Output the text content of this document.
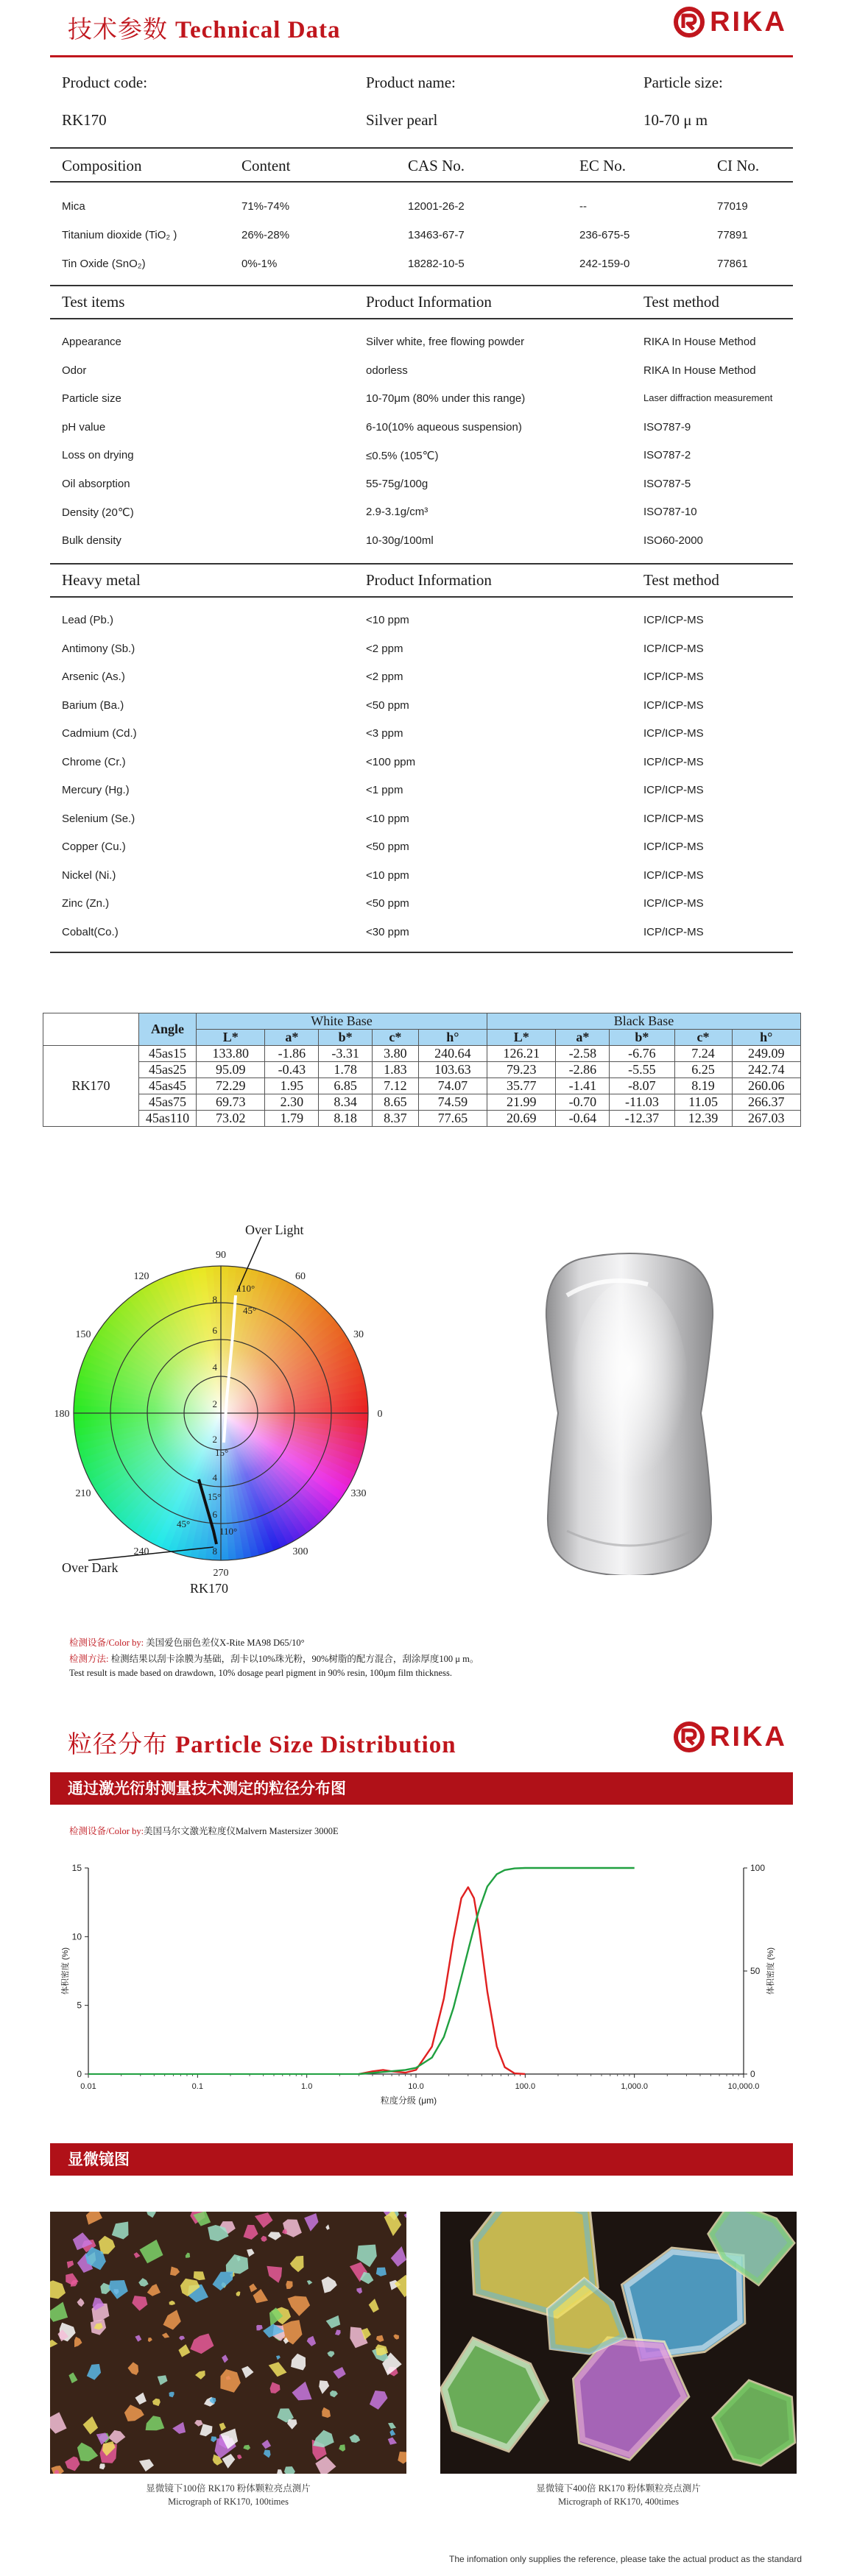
技术参数 Technical Data	RIKA
Product code:	Product name:	Particle size:
RK170	Silver pearl	10-70 μ m
Composition	Content	CAS No.	EC No.	CI No.
Mica	71%-74%	12001-26-2	--	77019
Titanium dioxide (TiO₂ )	26%-28%	13463-67-7	236-675-5	77891
Tin Oxide (SnO₂)	0%-1%	18282-10-5	242-159-0	77861
Test items	Product Information	Test method
Appearance	Silver white, free flowing powder	RIKA In House Method
Odor	odorless	RIKA In House Method
Particle size	10-70μm (80% under this range)	Laser diffraction measurement
pH value	6-10(10% aqueous suspension)	ISO787-9
Loss on drying	≤0.5% (105℃)	ISO787-2
Oil absorption	55-75g/100g	ISO787-5
Density (20℃)	2.9-3.1g/cm³	ISO787-10
Bulk density	10-30g/100ml	ISO60-2000
Heavy metal	Product Information	Test method
Lead (Pb.)	<10 ppm	ICP/ICP-MS
Antimony (Sb.)	<2 ppm	ICP/ICP-MS
Arsenic (As.)	<2 ppm	ICP/ICP-MS
Barium (Ba.)	<50 ppm	ICP/ICP-MS
Cadmium (Cd.)	<3 ppm	ICP/ICP-MS
Chrome (Cr.)	<100 ppm	ICP/ICP-MS
Mercury (Hg.)	<1 ppm	ICP/ICP-MS
Selenium (Se.)	<10 ppm	ICP/ICP-MS
Copper (Cu.)	<50 ppm	ICP/ICP-MS
Nickel (Ni.)	<10 ppm	ICP/ICP-MS
Zinc (Zn.)	<50 ppm	ICP/ICP-MS
Cobalt(Co.)	<30 ppm	ICP/ICP-MS
	Angle	White Base					Black Base				
		L*	a*	b*	c*	h°	L*	a*	b*	c*	h°
RK170	45as15	133.80	-1.86	-3.31	3.80	240.64	126.21	-2.58	-6.76	7.24	249.09
	45as25	95.09	-0.43	1.78	1.83	103.63	79.23	-2.86	-5.55	6.25	242.74
	45as45	72.29	1.95	6.85	7.12	74.07	35.77	-1.41	-8.07	8.19	260.06
	45as75	69.73	2.30	8.34	8.65	74.59	21.99	-0.70	-11.03	11.05	266.37
	45as110	73.02	1.79	8.18	8.37	77.65	20.69	-0.64	-12.37	12.39	267.03
90
60
30
0
330
300
270
240
210
180
150
120
8
6
4
2
2
4
6
8
110°
45°
15°
15°
45°
110°
Over Light
Over Dark
RK170
检测设备/Color by: 美国爱色丽色差仪X-Rite MA98 D65/10°
检测方法: 检测结果以刮卡涂膜为基础，刮卡以10%珠光粉，90%树脂的配方混合，刮涂厚度100 μ m。
Test result is made based on drawdown, 10% dosage pearl pigment in 90% resin, 100μm film thickness.
粒径分布 Particle Size Distribution	RIKA
通过激光衍射测量技术测定的粒径分布图
检测设备/Color by:美国马尔文激光粒度仪Malvern Mastersizer 3000E
0.01	0.1	1.0	10.0	100.0	1,000.0	10,000.0
0
5
10
15
0
50
100
粒度分级 (μm)
体积密度 (%)	体积密度 (%)
显微镜图
显微镜下100倍 RK170 粉体颗粒亮点测片
Micrograph of RK170, 100times
显微镜下400倍 RK170 粉体颗粒亮点测片
Micrograph of RK170, 400times
The infomation only supplies the reference, please take the actual product as the standard
